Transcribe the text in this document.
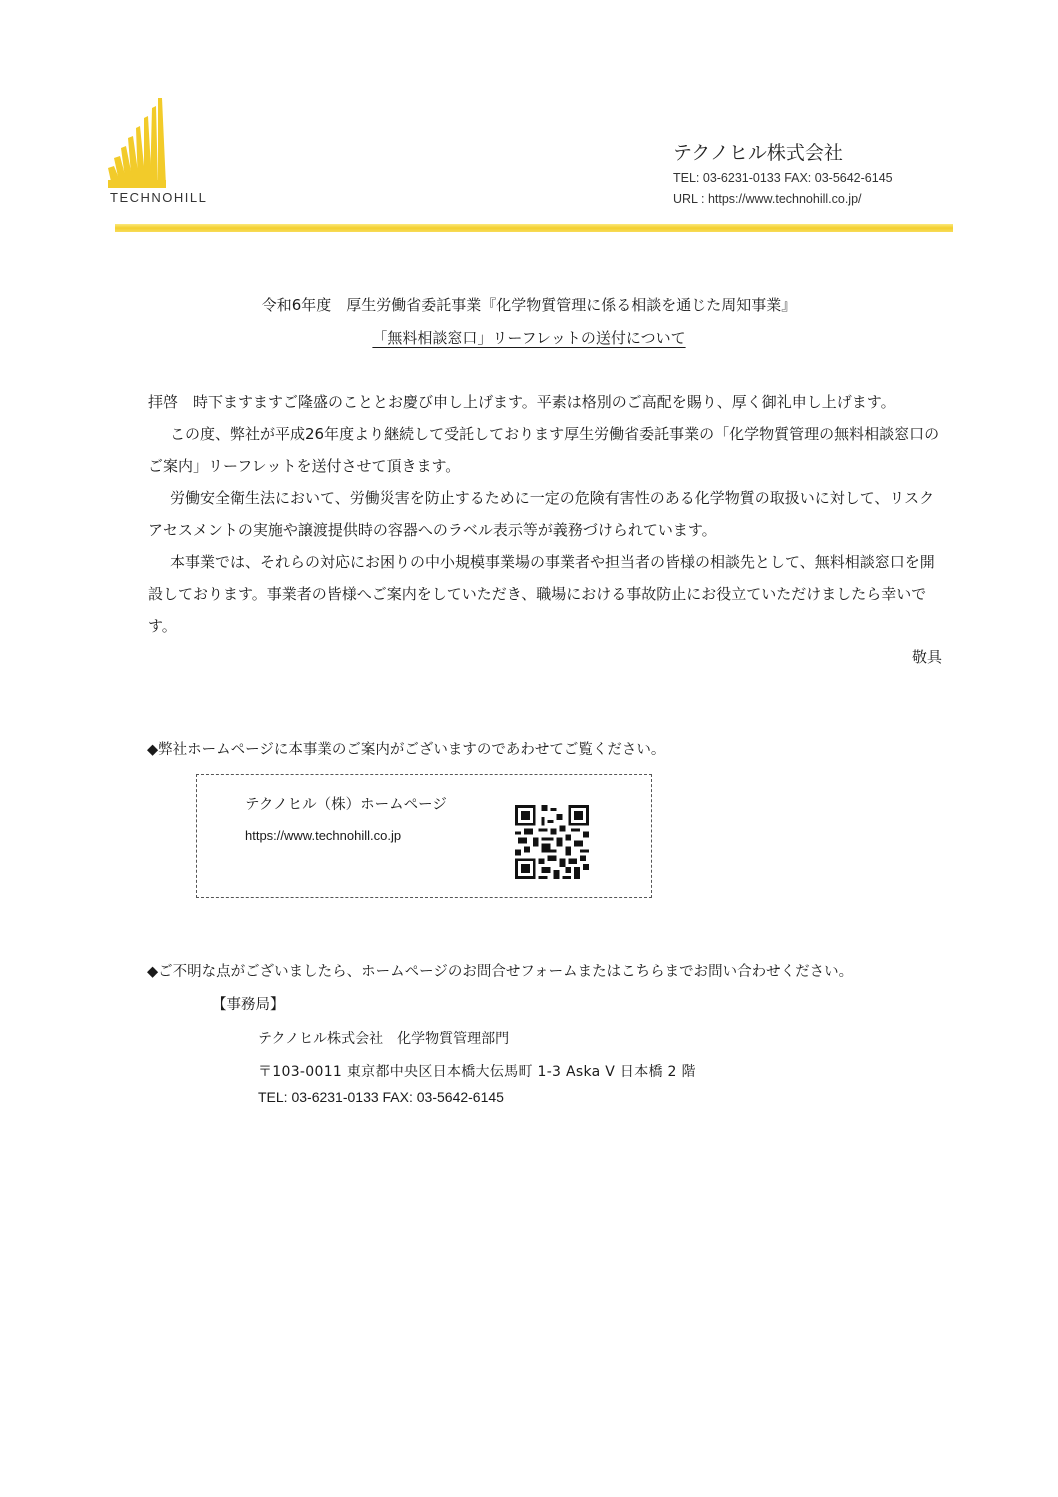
TECHNOHILL
テクノヒル株式会社
TEL: 03-6231-0133 FAX: 03-5642-6145
URL : https://www.technohill.co.jp/
令和6年度　厚生労働省委託事業『化学物質管理に係る相談を通じた周知事業』
「無料相談窓口」リーフレットの送付について
拝啓　時下ますますご隆盛のこととお慶び申し上げます。平素は格別のご高配を賜り、厚く御礼申し上げます。
この度、弊社が平成26年度より継続して受託しております厚生労働省委託事業の「化学物質管理の無料相談窓口のご案内」リーフレットを送付させて頂きます。
労働安全衛生法において、労働災害を防止するために一定の危険有害性のある化学物質の取扱いに対して、リスクアセスメントの実施や譲渡提供時の容器へのラベル表示等が義務づけられています。
本事業では、それらの対応にお困りの中小規模事業場の事業者や担当者の皆様の相談先として、無料相談窓口を開設しております。事業者の皆様へご案内をしていただき、職場における事故防止にお役立ていただけましたら幸いです。
敬具
◆弊社ホームページに本事業のご案内がございますのであわせてご覧ください。
テクノヒル（株）ホームページ
https://www.technohill.co.jp
◆ご不明な点がございましたら、ホームページのお問合せフォームまたはこちらまでお問い合わせください。
【事務局】
テクノヒル株式会社　化学物質管理部門
〒103-0011 東京都中央区日本橋大伝馬町 1-3 Aska V 日本橋 2 階
TEL: 03-6231-0133 FAX: 03-5642-6145
